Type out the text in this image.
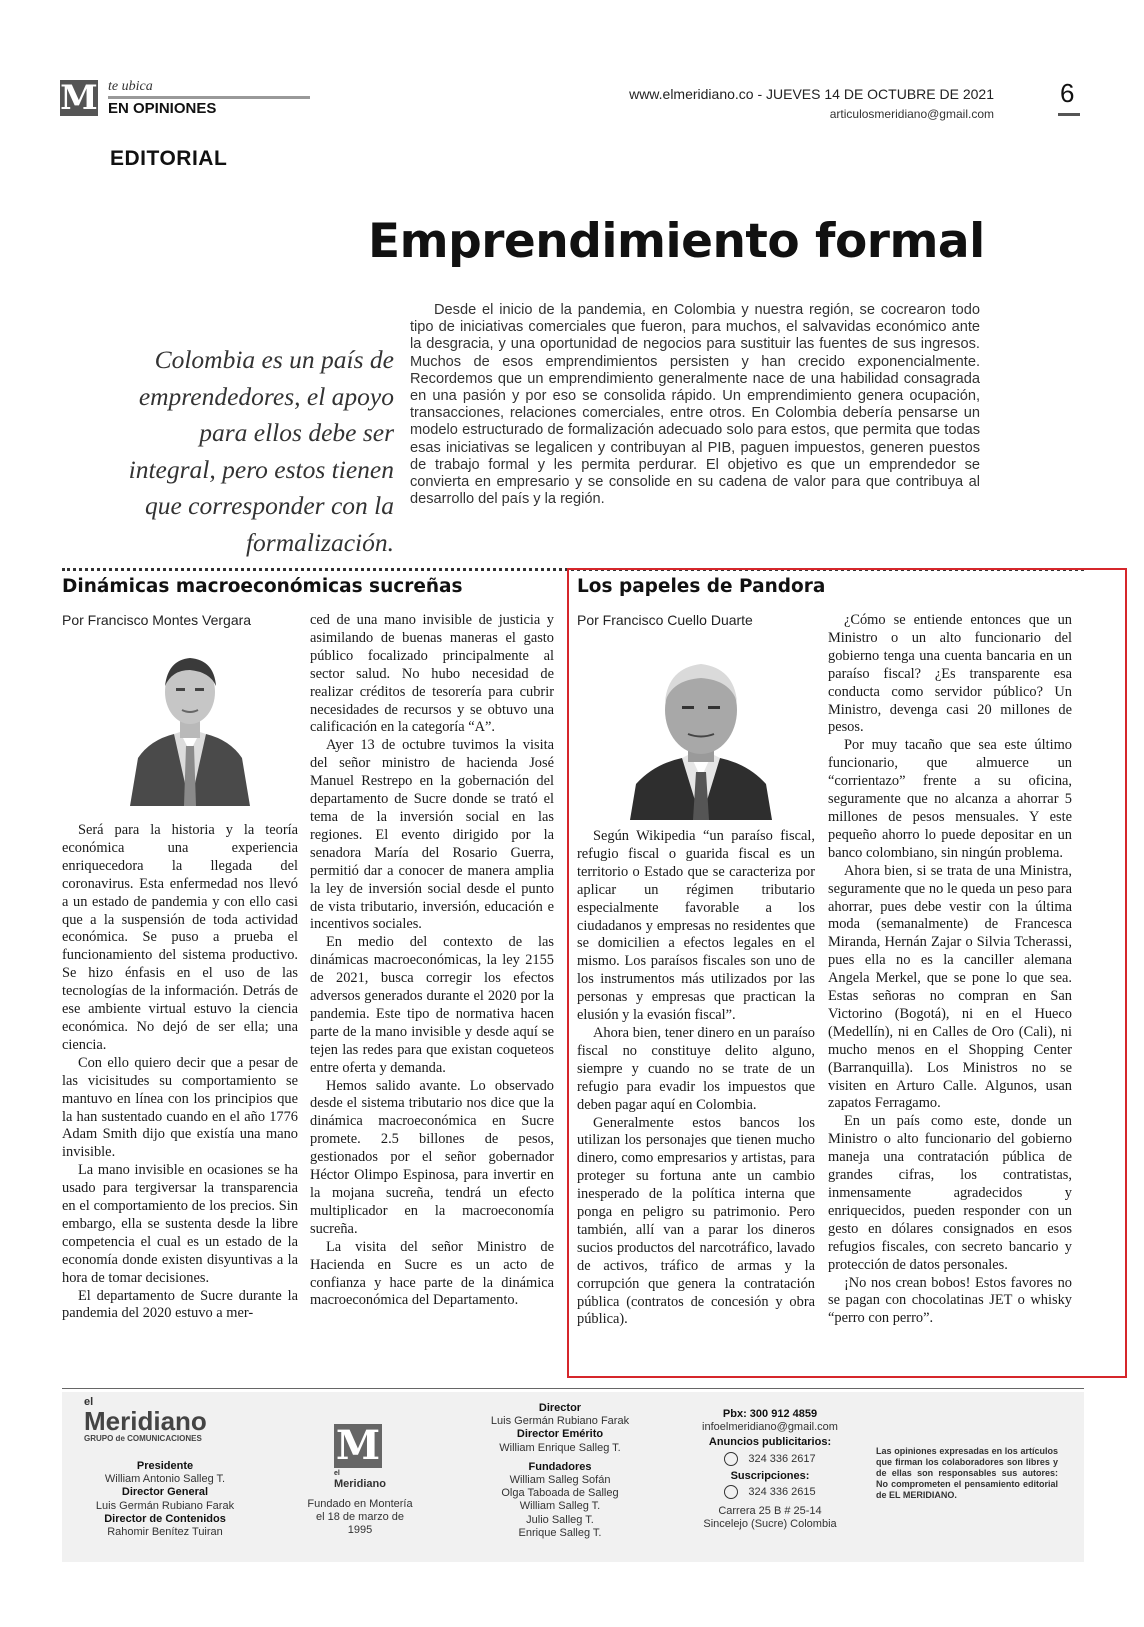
M te ubica
EN OPINIONES
www.elmeridiano.co - JUEVES 14 DE OCTUBRE DE 2021
articulosmeridiano@gmail.com
6
EDITORIAL
Emprendimiento formal
Colombia es un país de emprendedores, el apoyo para ellos debe ser integral, pero estos tienen que corresponder con la formalización.

Desde el inicio de la pandemia, en Colombia y nuestra región, se cocrearon todo tipo de iniciativas comerciales que fueron, para muchos, el salvavidas económico ante la desgracia, y una oportunidad de negocios para sustituir las fuentes de sus ingresos. Muchos de esos emprendimientos persisten y han crecido exponencialmente. Recordemos que un emprendimiento generalmente nace de una habilidad consagrada en una pasión y por eso se consolida rápido. Un emprendimiento genera ocupación, transacciones, relaciones comerciales, entre otros. En Colombia debería pensarse un modelo estructurado de formalización adecuado solo para estos, que permita que todas esas iniciativas se legalicen y contribuyan al PIB, paguen impuestos, generen puestos de trabajo formal y les permita perdurar. El objetivo es que un emprendedor se convierta en empresario y se consolide en su cadena de valor para que contribuya al desarrollo del país y la región.

Dinámicas macroeconómicas sucreñas
Por Francisco Montes Vergara

Será para la historia y la teoría económica una experiencia enriquecedora la llegada del coronavirus. Esta enfermedad nos llevó a un estado de pandemia y con ello casi que a la suspensión de toda actividad económica. Se puso a prueba el funcionamiento del sistema productivo. Se hizo énfasis en el uso de las tecnologías de la información. Detrás de ese ambiente virtual estuvo la ciencia económica. No dejó de ser ella; una ciencia.

Con ello quiero decir que a pesar de las vicisitudes su comportamiento se mantuvo en línea con los principios que la han sustentado cuando en el año 1776 Adam Smith dijo que existía una mano invisible.

La mano invisible en ocasiones se ha usado para tergiversar la transparencia en el comportamiento de los precios. Sin embargo, ella se sustenta desde la libre competencia el cual es un estado de la economía donde existen disyuntivas a la hora de tomar decisiones.

El departamento de Sucre durante la pandemia del 2020 estuvo a mer-

ced de una mano invisible de justicia y asimilando de buenas maneras el gasto público focalizado principalmente al sector salud. No hubo necesidad de realizar créditos de tesorería para cubrir necesidades de recursos y se obtuvo una calificación en la categoría “A”.

Ayer 13 de octubre tuvimos la visita del señor ministro de hacienda José Manuel Restrepo en la gobernación del departamento de Sucre donde se trató el tema de la inversión social en las regiones. El evento dirigido por la senadora María del Rosario Guerra, permitió dar a conocer de manera amplia la ley de inversión social desde el punto de vista tributario, inversión, educación e incentivos sociales.

En medio del contexto de las dinámicas macroeconómicas, la ley 2155 de 2021, busca corregir los efectos adversos generados durante el 2020 por la pandemia. Este tipo de normativa hacen parte de la mano invisible y desde aquí se tejen las redes para que existan coqueteos entre oferta y demanda.

Hemos salido avante. Lo observado desde el sistema tributario nos dice que la dinámica macroeconómica en Sucre promete. 2.5 billones de pesos, gestionados por el señor gobernador Héctor Olimpo Espinosa, para invertir en la mojana sucreña, tendrá un efecto multiplicador en la macroeconomía sucreña.

La visita del señor Ministro de Hacienda en Sucre es un acto de confianza y hace parte de la dinámica macroeconómica del Departamento.

Los papeles de Pandora
Por Francisco Cuello Duarte

Según Wikipedia “un paraíso fiscal, refugio fiscal o guarida fiscal es un territorio o Estado que se caracteriza por aplicar un régimen tributario especialmente favorable a los ciudadanos y empresas no residentes que se domicilien a efectos legales en el mismo. Los paraísos fiscales son uno de los instrumentos más utilizados por las personas y empresas que practican la elusión y la evasión fiscal”.

Ahora bien, tener dinero en un paraíso fiscal no constituye delito alguno, siempre y cuando no se trate de un refugio para evadir los impuestos que deben pagar aquí en Colombia.

Generalmente estos bancos los utilizan los personajes que tienen mucho dinero, como empresarios y artistas, para proteger su fortuna ante un cambio inesperado de la política interna que ponga en peligro su patrimonio. Pero también, allí van a parar los dineros sucios productos del narcotráfico, lavado de activos, tráfico de armas y la corrupción que genera la contratación pública (contratos de concesión y obra pública).

¿Cómo se entiende entonces que un Ministro o un alto funcionario del gobierno tenga una cuenta bancaria en un paraíso fiscal? ¿Es transparente esa conducta como servidor público? Un Ministro, devenga casi 20 millones de pesos.

Por muy tacaño que sea este último funcionario, que almuerce un “corrientazo” frente a su oficina, seguramente que no alcanza a ahorrar 5 millones de pesos mensuales. Y este pequeño ahorro lo puede depositar en un banco colombiano, sin ningún problema.

Ahora bien, si se trata de una Ministra, seguramente que no le queda un peso para ahorrar, pues debe vestir con la última moda (semanalmente) de Francesca Miranda, Hernán Zajar o Silvia Tcherassi, pues ella no es la canciller alemana Angela Merkel, que se pone lo que sea. Estas señoras no compran en San Victorino (Bogotá), ni en el Hueco (Medellín), ni en Calles de Oro (Cali), ni mucho menos en el Shopping Center (Barranquilla). Los Ministros no se visiten en Arturo Calle. Algunos, usan zapatos Ferragamo.

En un país como este, donde un Ministro o alto funcionario del gobierno maneja una contratación pública de grandes cifras, los contratistas, inmensamente agradecidos y enriquecidos, pueden responder con un gesto en dólares consignados en esos refugios fiscales, con secreto bancario y protección de datos personales.

¡No nos crean bobos! Estos favores no se pagan con chocolatinas JET o whisky “perro con perro”.

el
Meridiano
GRUPO de COMUNICACIONES
Presidente
William Antonio Salleg T.
Director General
Luis Germán Rubiano Farak
Director de Contenidos
Rahomir Benítez Tuiran
M
el
Meridiano
Fundado en Montería el 18 de marzo de 1995
Director
Luis Germán Rubiano Farak
Director Emérito
William Enrique Salleg T.
Fundadores
William Salleg Sofán
Olga Taboada de Salleg
William Salleg T.
Julio Salleg T.
Enrique Salleg T.
Pbx: 300 912 4859
infoelmeridiano@gmail.com
Anuncios publicitarios:
324 336 2617
Suscripciones:
324 336 2615
Carrera 25 B # 25-14
Sincelejo (Sucre) Colombia
Las opiniones expresadas en los artículos que firman los colaboradores son libres y de ellas son responsables sus autores: No comprometen el pensamiento editorial de EL MERIDIANO.
